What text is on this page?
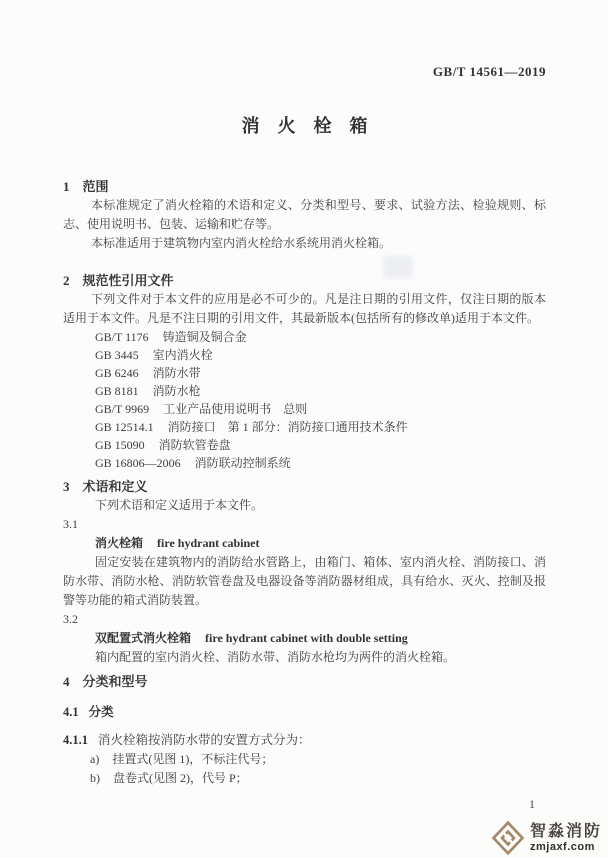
GB/T 14561—2019
消火栓箱
1 范围

本标准规定了消火栓箱的术语和定义、分类和型号、要求、试验方法、检验规则、标志、使用说明书、包装、运输和贮存等。

本标准适用于建筑物内室内消火栓给水系统用消火栓箱。

2 规范性引用文件

下列文件对于本文件的应用是必不可少的。凡是注日期的引用文件，仅注日期的版本适用于本文件。凡是不注日期的引用文件，其最新版本(包括所有的修改单)适用于本文件。

GB/T 1176 铸造铜及铜合金
GB 3445 室内消火栓
GB 6246 消防水带
GB 8181 消防水枪
GB/T 9969 工业产品使用说明书　总则
GB 12514.1 消防接口　第 1 部分：消防接口通用技术条件
GB 15090 消防软管卷盘
GB 16806—2006 消防联动控制系统
3 术语和定义

下列术语和定义适用于本文件。

3.1
消火栓箱 fire hydrant cabinet

固定安装在建筑物内的消防给水管路上，由箱门、箱体、室内消火栓、消防接口、消防水带、消防水枪、消防软管卷盘及电器设备等消防器材组成，具有给水、灭火、控制及报警等功能的箱式消防装置。

3.2
双配置式消火栓箱 fire hydrant cabinet with double setting

箱内配置的室内消火栓、消防水带、消防水枪均为两件的消火栓箱。

4 分类和型号
4.1 分类
4.1.1 消火栓箱按消防水带的安置方式分为：
a) 挂置式(见图 1)，不标注代号；
b) 盘卷式(见图 2)，代号 P；
1
智淼消防
zmjaxf.com
